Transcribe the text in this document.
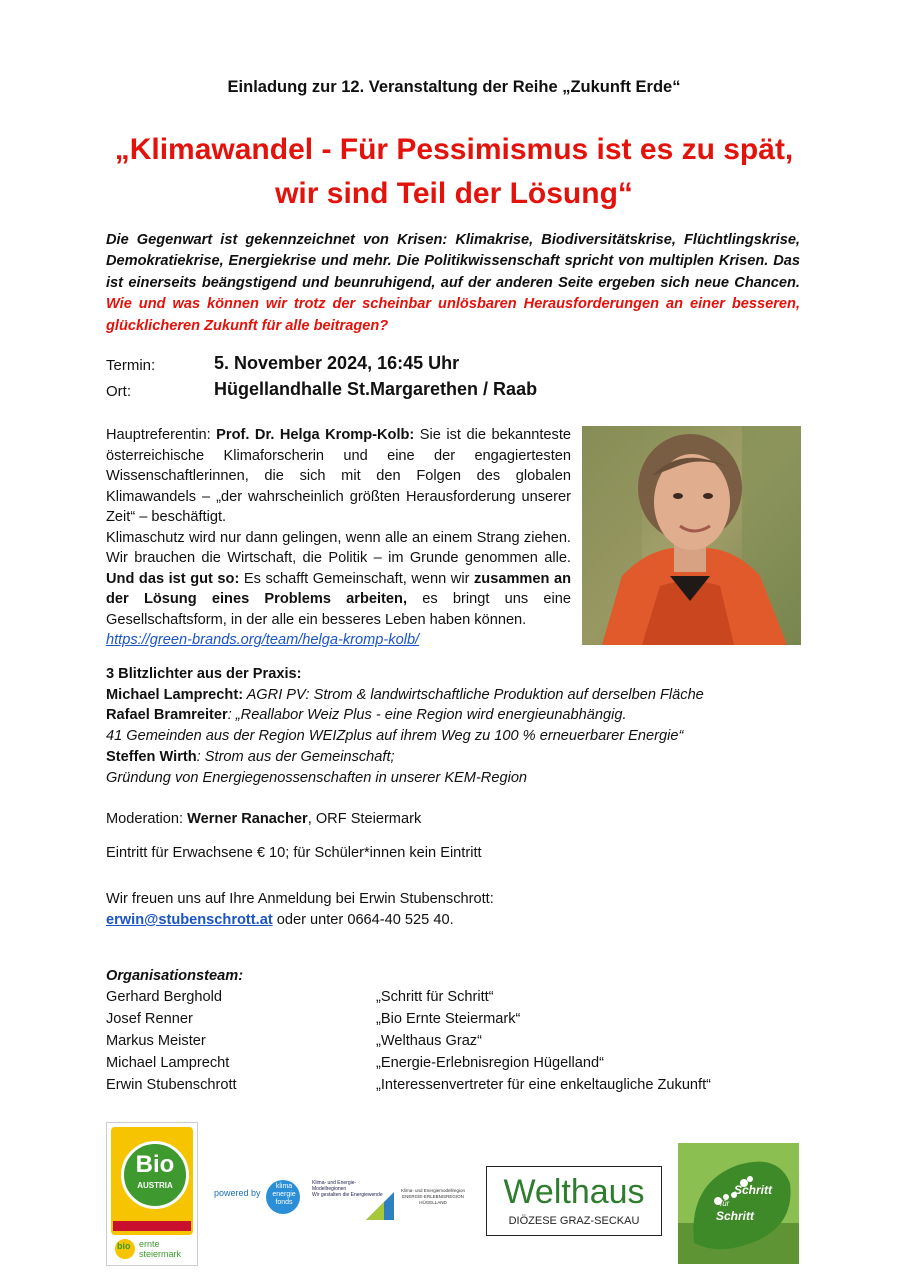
Einladung zur 12. Veranstaltung der Reihe „Zukunft Erde“
„Klimawandel - Für Pessimismus ist es zu spät,
wir sind Teil der Lösung“
Die Gegenwart ist gekennzeichnet von Krisen: Klimakrise, Biodiversitätskrise, Flüchtlingskrise, Demokratiekrise, Energiekrise und mehr. Die Politikwissenschaft spricht von multiplen Krisen. Das ist einerseits beängstigend und beunruhigend, auf der anderen Seite ergeben sich neue Chancen. Wie und was können wir trotz der scheinbar unlösbaren Herausforderungen an einer besseren, glücklicheren Zukunft für alle beitragen?
Termin:	5. November 2024, 16:45 Uhr
Ort:	Hügellandhalle St.Margarethen / Raab
Hauptreferentin: Prof. Dr. Helga Kromp-Kolb: Sie ist die bekannteste österreichische Klimaforscherin und eine der engagiertesten Wissenschaftlerinnen, die sich mit den Folgen des globalen Klimawandels – „der wahrscheinlich größten Herausforderung unserer Zeit“ – beschäftigt.
Klimaschutz wird nur dann gelingen, wenn alle an einem Strang ziehen. Wir brauchen die Wirtschaft, die Politik – im Grunde genommen alle. Und das ist gut so: Es schafft Gemeinschaft, wenn wir zusammen an der Lösung eines Problems arbeiten, es bringt uns eine Gesellschaftsform, in der alle ein besseres Leben haben können.
https://green-brands.org/team/helga-kromp-kolb/
3 Blitzlichter aus der Praxis:
Michael Lamprecht: AGRI PV: Strom & landwirtschaftliche Produktion auf derselben Fläche
Rafael Bramreiter: „Reallabor Weiz Plus - eine Region wird energieunabhängig.
41 Gemeinden aus der Region WEIZplus auf ihrem Weg zu 100 % erneuerbarer Energie“
Steffen Wirth: Strom aus der Gemeinschaft;
Gründung von Energiegenossenschaften in unserer KEM-Region
Moderation: Werner Ranacher, ORF Steiermark
Eintritt für Erwachsene € 10; für Schüler*innen kein Eintritt
Wir freuen uns auf Ihre Anmeldung bei Erwin Stubenschrott:
erwin@stubenschrott.at oder unter 0664-40 525 40.
Organisationsteam:
Gerhard Berghold	„Schritt für Schritt“
Josef Renner	„Bio Ernte Steiermark“
Markus Meister	„Welthaus Graz“
Michael Lamprecht	„Energie-Erlebnisregion Hügelland“
Erwin Stubenschrott	„Interessenvertreter für eine enkeltaugliche Zukunft“
Bio
AUSTRIA
bio ernte
steiermark
powered by
klima
energie
fonds
Klima- und Energie-
Modellregionen
Wir gestalten die Energiewende
Klima- und Energiemodellregion
ENERGIE-ERLEBNISREGION
HÜGELLAND	Welthaus
DIÖZESE GRAZ-SECKAU
Schritt
für
Schritt
